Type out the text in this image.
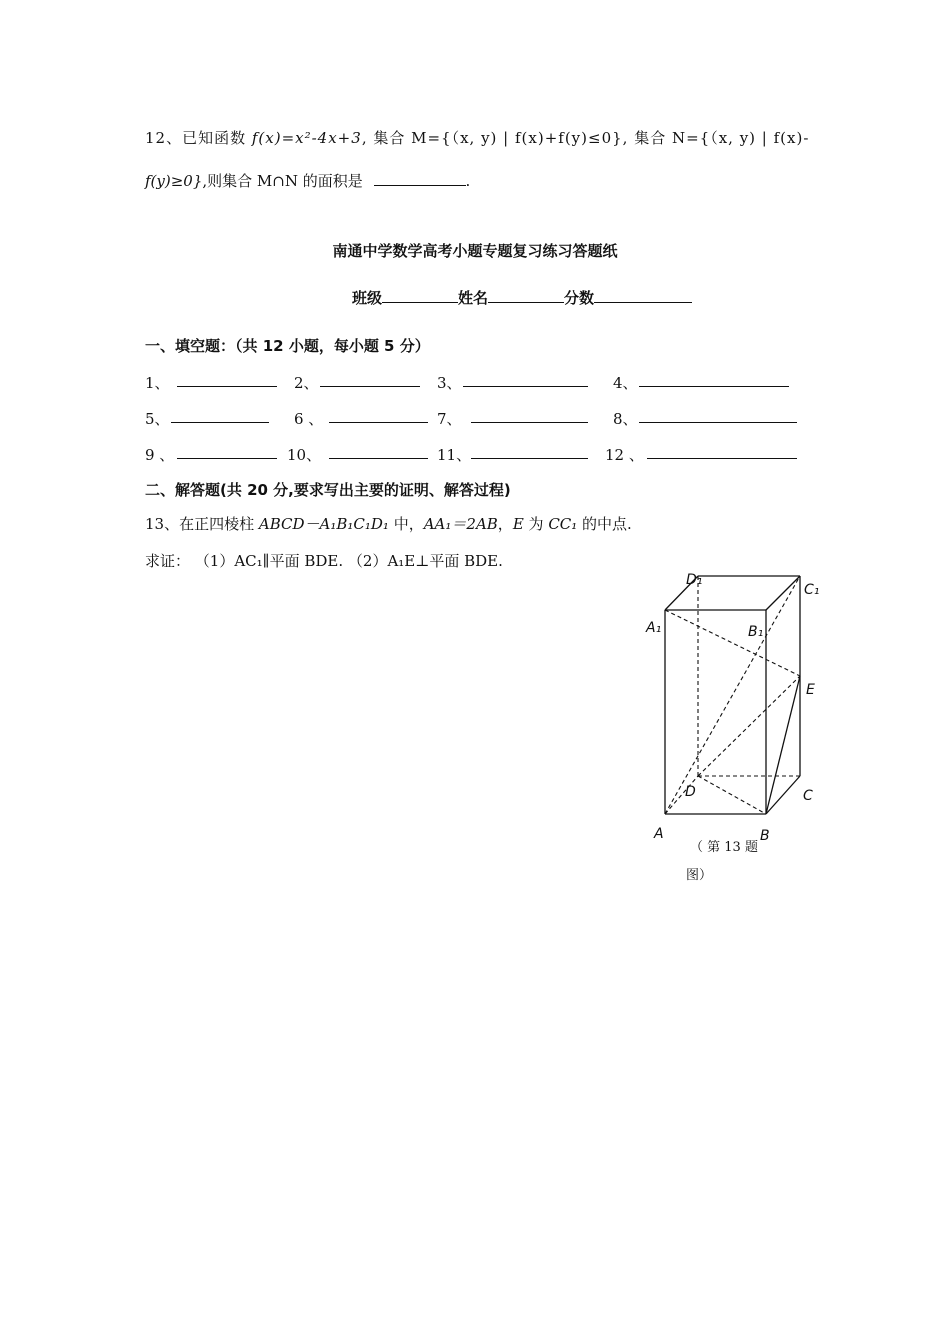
12、已知函数 f(x)=x²-4x+3, 集合 M={（x, y) | f(x)+f(y)≤0}, 集合 N={（x, y) | f(x)-
f(y)≥0},则集合 M∩N 的面积是	.
南通中学数学高考小题专题复习练习答题纸
班级	姓名	分数
一、填空题：（共 12 小题，每小题 5 分）
1、	2、	3、	4、
5、	6 、	7、	8、
9 、	10、	11、	12 、
二、解答题(共 20 分,要求写出主要的证明、解答过程)
13、在正四棱柱 ABCD－A₁B₁C₁D₁ 中，AA₁＝2AB，E 为 CC₁ 的中点.
求证： （1）AC₁∥平面 BDE. （2）A₁E⊥平面 BDE.
D₁
C₁
A₁	B₁
E
D	C
A	B
（ 第 13 题
图）
